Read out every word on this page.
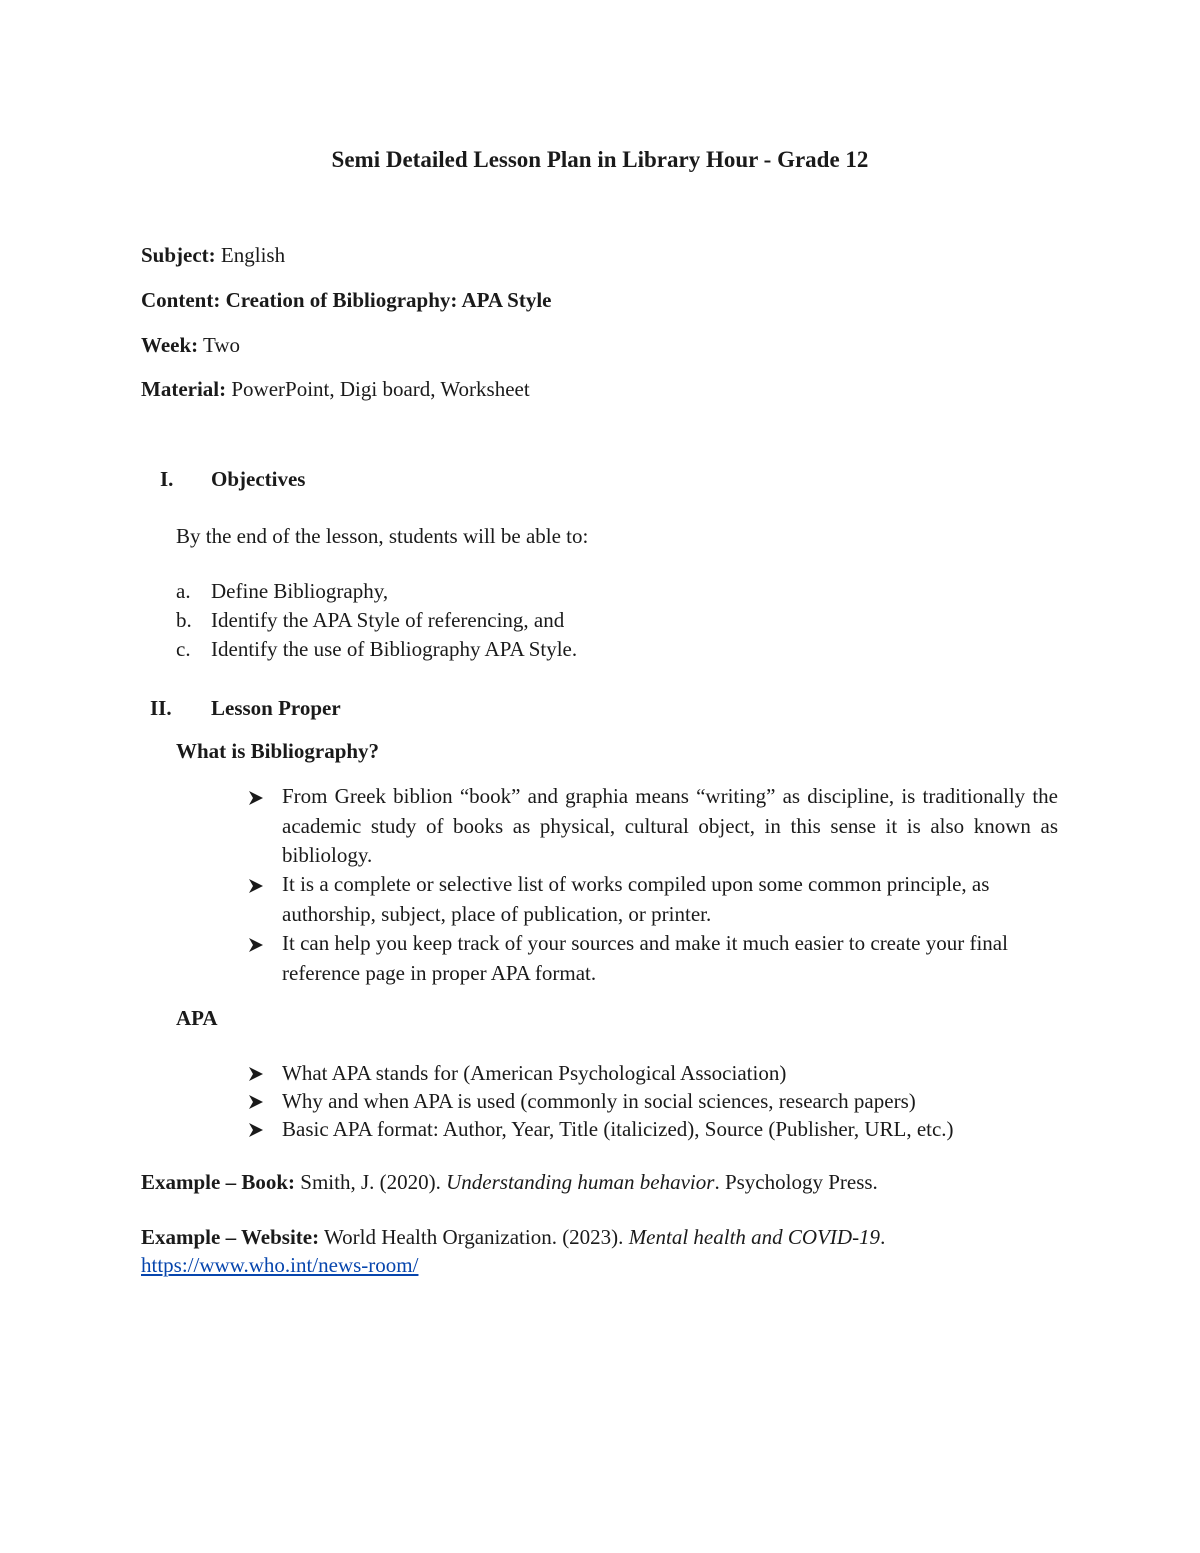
Semi Detailed Lesson Plan in Library Hour - Grade 12
Subject: English
Content: Creation of Bibliography: APA Style
Week: Two
Material: PowerPoint, Digi board, Worksheet
I. Objectives
By the end of the lesson, students will be able to:
a. Define Bibliography,
b. Identify the APA Style of referencing, and
c. Identify the use of Bibliography APA Style.
II. Lesson Proper
What is Bibliography?
From Greek biblion “book” and graphia means “writing” as discipline, is traditionally the academic study of books as physical, cultural object, in this sense it is also known as bibliology.
It is a complete or selective list of works compiled upon some common principle, as authorship, subject, place of publication, or printer.
It can help you keep track of your sources and make it much easier to create your final reference page in proper APA format.
APA
What APA stands for (American Psychological Association)
Why and when APA is used (commonly in social sciences, research papers)
Basic APA format: Author, Year, Title (italicized), Source (Publisher, URL, etc.)
Example – Book: Smith, J. (2020). Understanding human behavior. Psychology Press.
Example – Website: World Health Organization. (2023). Mental health and COVID-19.
https://www.who.int/news-room/
